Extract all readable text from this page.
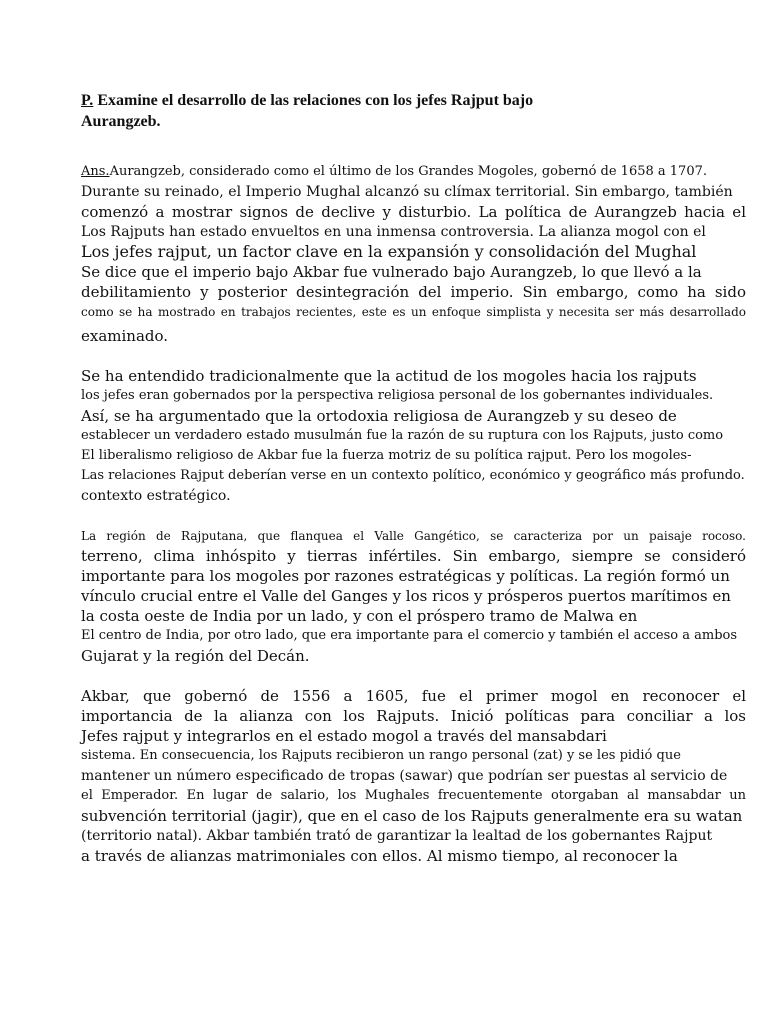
P. Examine el desarrollo de las relaciones con los jefes Rajput bajo
Aurangzeb.
Ans.Aurangzeb, considerado como el último de los Grandes Mogoles, gobernó de 1658 a 1707.
Durante su reinado, el Imperio Mughal alcanzó su clímax territorial. Sin embargo, también
comenzó a mostrar signos de declive y disturbio. La política de Aurangzeb hacia el
Los Rajputs han estado envueltos en una inmensa controversia. La alianza mogol con el
Los jefes rajput, un factor clave en la expansión y consolidación del Mughal
Se dice que el imperio bajo Akbar fue vulnerado bajo Aurangzeb, lo que llevó a la
debilitamiento y posterior desintegración del imperio. Sin embargo, como ha sido
como se ha mostrado en trabajos recientes, este es un enfoque simplista y necesita ser más desarrollado
examinado.
Se ha entendido tradicionalmente que la actitud de los mogoles hacia los rajputs
los jefes eran gobernados por la perspectiva religiosa personal de los gobernantes individuales.
Así, se ha argumentado que la ortodoxia religiosa de Aurangzeb y su deseo de
establecer un verdadero estado musulmán fue la razón de su ruptura con los Rajputs, justo como
El liberalismo religioso de Akbar fue la fuerza motriz de su política rajput. Pero los mogoles-
Las relaciones Rajput deberían verse en un contexto político, económico y geográfico más profundo.
contexto estratégico.
La región de Rajputana, que flanquea el Valle Gangético, se caracteriza por un paisaje rocoso.
terreno, clima inhóspito y tierras infértiles. Sin embargo, siempre se consideró
importante para los mogoles por razones estratégicas y políticas. La región formó un
vínculo crucial entre el Valle del Ganges y los ricos y prósperos puertos marítimos en
la costa oeste de India por un lado, y con el próspero tramo de Malwa en
El centro de India, por otro lado, que era importante para el comercio y también el acceso a ambos
Gujarat y la región del Decán.
Akbar, que gobernó de 1556 a 1605, fue el primer mogol en reconocer el
importancia de la alianza con los Rajputs. Inició políticas para conciliar a los
Jefes rajput y integrarlos en el estado mogol a través del mansabdari
sistema. En consecuencia, los Rajputs recibieron un rango personal (zat) y se les pidió que
mantener un número especificado de tropas (sawar) que podrían ser puestas al servicio de
el Emperador. En lugar de salario, los Mughales frecuentemente otorgaban al mansabdar un
subvención territorial (jagir), que en el caso de los Rajputs generalmente era su watan
(territorio natal). Akbar también trató de garantizar la lealtad de los gobernantes Rajput
a través de alianzas matrimoniales con ellos. Al mismo tiempo, al reconocer la
